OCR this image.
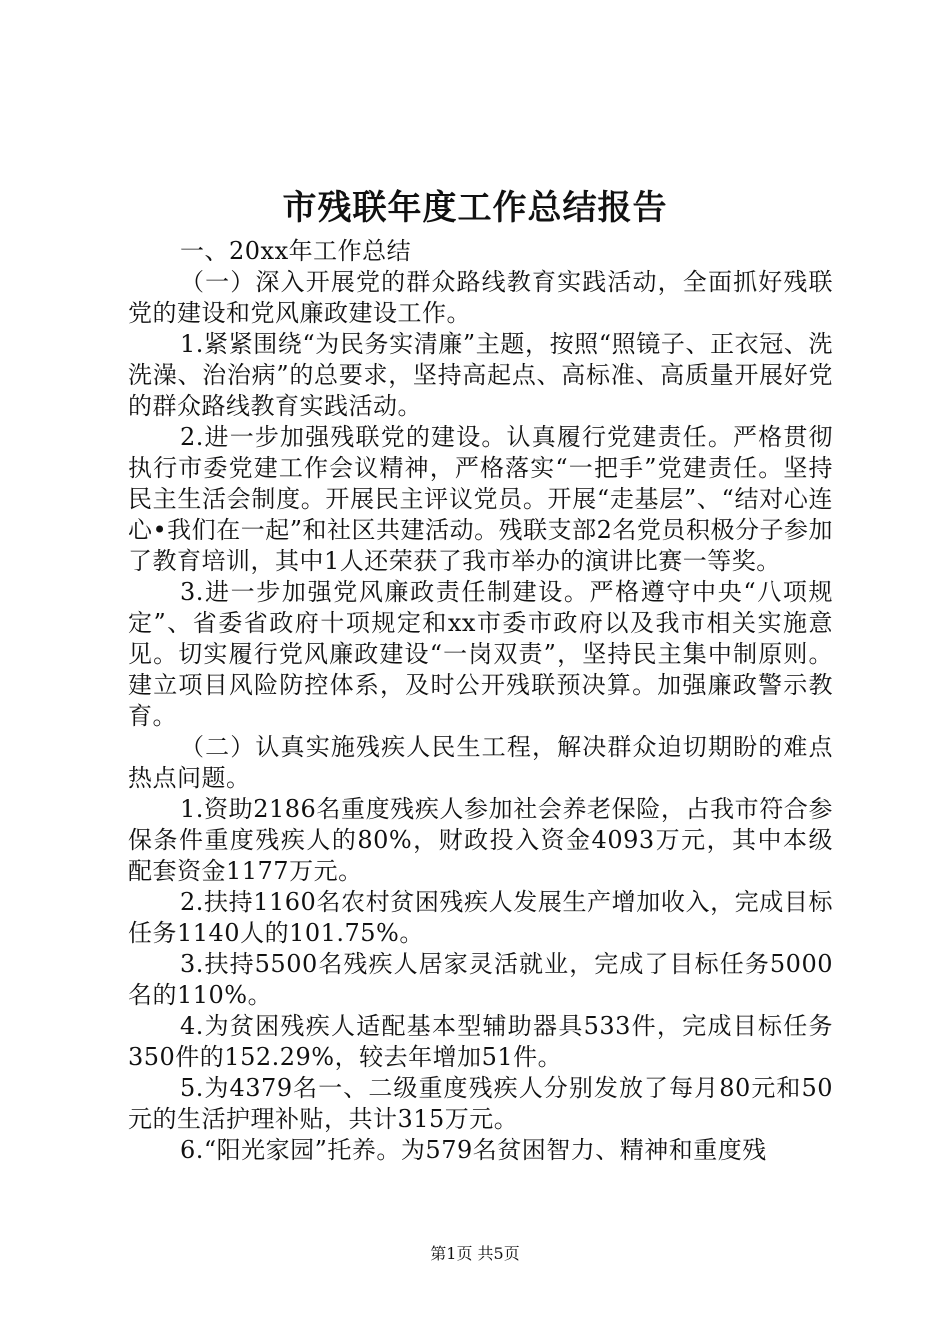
市残联年度工作总结报告

一、20xx年工作总结

（一）深入开展党的群众路线教育实践活动，全面抓好残联党的建设和党风廉政建设工作。

1.紧紧围绕“为民务实清廉”主题，按照“照镜子、正衣冠、洗洗澡、治治病”的总要求，坚持高起点、高标准、高质量开展好党的群众路线教育实践活动。

2.进一步加强残联党的建设。认真履行党建责任。严格贯彻执行市委党建工作会议精神，严格落实“一把手”党建责任。坚持民主生活会制度。开展民主评议党员。开展“走基层”、“结对心连心•我们在一起”和社区共建活动。残联支部2名党员积极分子参加了教育培训，其中1人还荣获了我市举办的演讲比赛一等奖。

3.进一步加强党风廉政责任制建设。严格遵守中央“八项规定”、省委省政府十项规定和xx市委市政府以及我市相关实施意见。切实履行党风廉政建设“一岗双责”，坚持民主集中制原则。建立项目风险防控体系，及时公开残联预决算。加强廉政警示教育。

（二）认真实施残疾人民生工程，解决群众迫切期盼的难点热点问题。

1.资助2186名重度残疾人参加社会养老保险，占我市符合参保条件重度残疾人的80%，财政投入资金4093万元，其中本级配套资金1177万元。

2.扶持1160名农村贫困残疾人发展生产增加收入，完成目标任务1140人的101.75%。

3.扶持5500名残疾人居家灵活就业，完成了目标任务5000名的110%。

4.为贫困残疾人适配基本型辅助器具533件，完成目标任务350件的152.29%，较去年增加51件。

5.为4379名一、二级重度残疾人分别发放了每月80元和50元的生活护理补贴，共计315万元。

6.“阳光家园”托养。为579名贫困智力、精神和重度残

第1页 共5页
